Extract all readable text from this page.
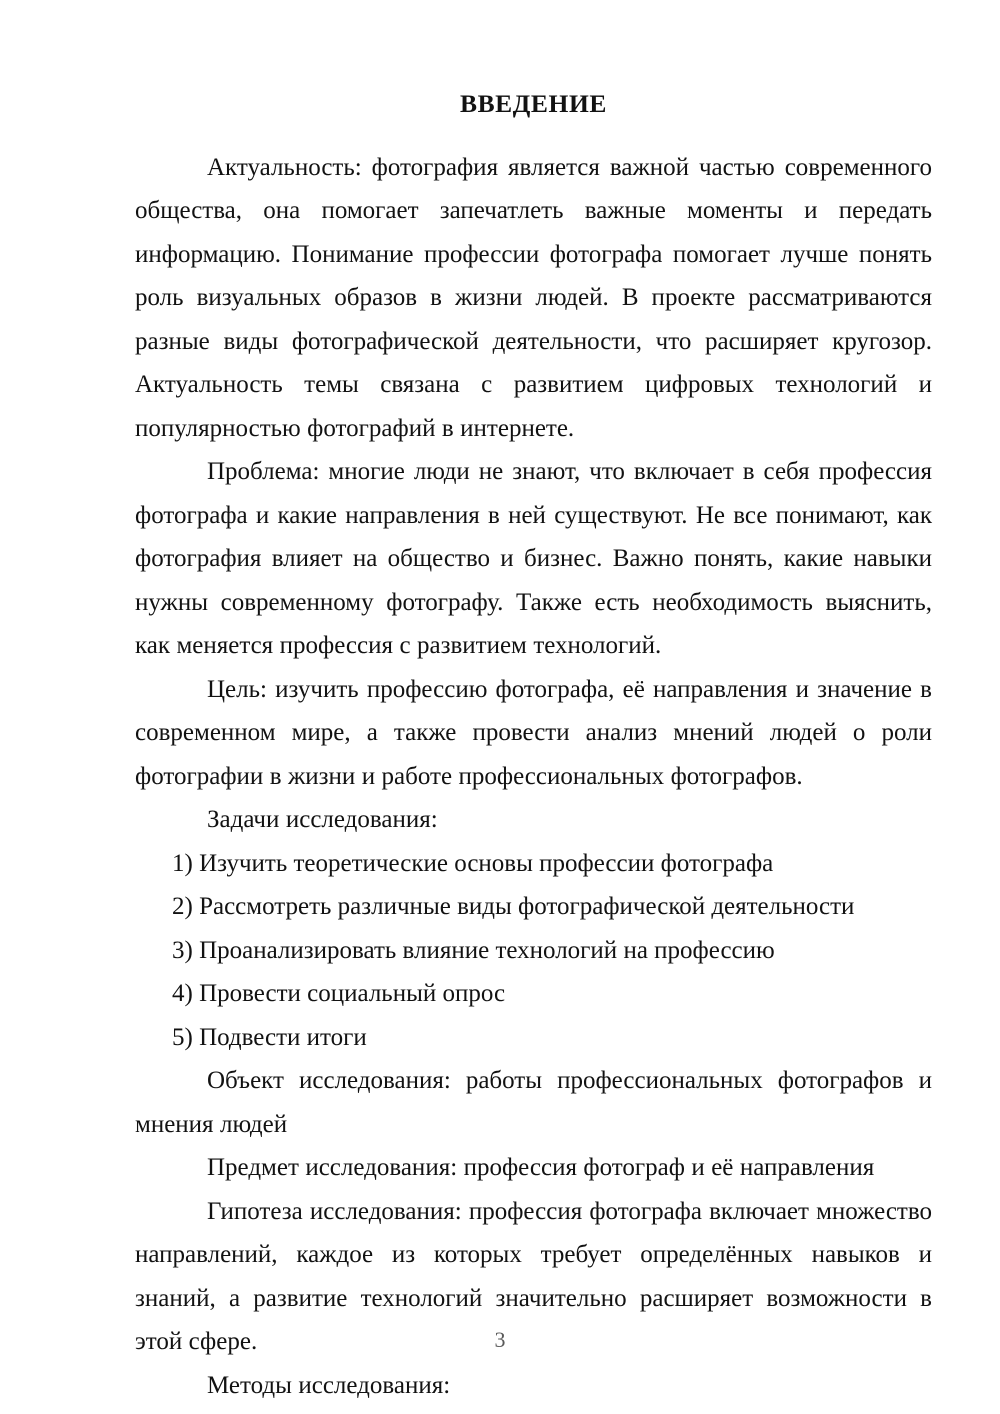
ВВЕДЕНИЕ

Актуальность: фотография является важной частью современного общества, она помогает запечатлеть важные моменты и передать информацию. Понимание профессии фотографа помогает лучше понять роль визуальных образов в жизни людей. В проекте рассматриваются разные виды фотографической деятельности, что расширяет кругозор. Актуальность темы связана с развитием цифровых технологий и популярностью фотографий в интернете.

Проблема: многие люди не знают, что включает в себя профессия фотографа и какие направления в ней существуют. Не все понимают, как фотография влияет на общество и бизнес. Важно понять, какие навыки нужны современному фотографу. Также есть необходимость выяснить, как меняется профессия с развитием технологий.

Цель: изучить профессию фотографа, её направления и значение в современном мире, а также провести анализ мнений людей о роли фотографии в жизни и работе профессиональных фотографов.

Задачи исследования:

1) Изучить теоретические основы профессии фотографа
2) Рассмотреть различные виды фотографической деятельности
3) Проанализировать влияние технологий на профессию
4) Провести социальный опрос
5) Подвести итоги

Объект исследования: работы профессиональных фотографов и мнения людей

Предмет исследования: профессия фотограф и её направления

Гипотеза исследования: профессия фотографа включает множество направлений, каждое из которых требует определённых навыков и знаний, а развитие технологий значительно расширяет возможности в этой сфере.

Методы исследования:

3
